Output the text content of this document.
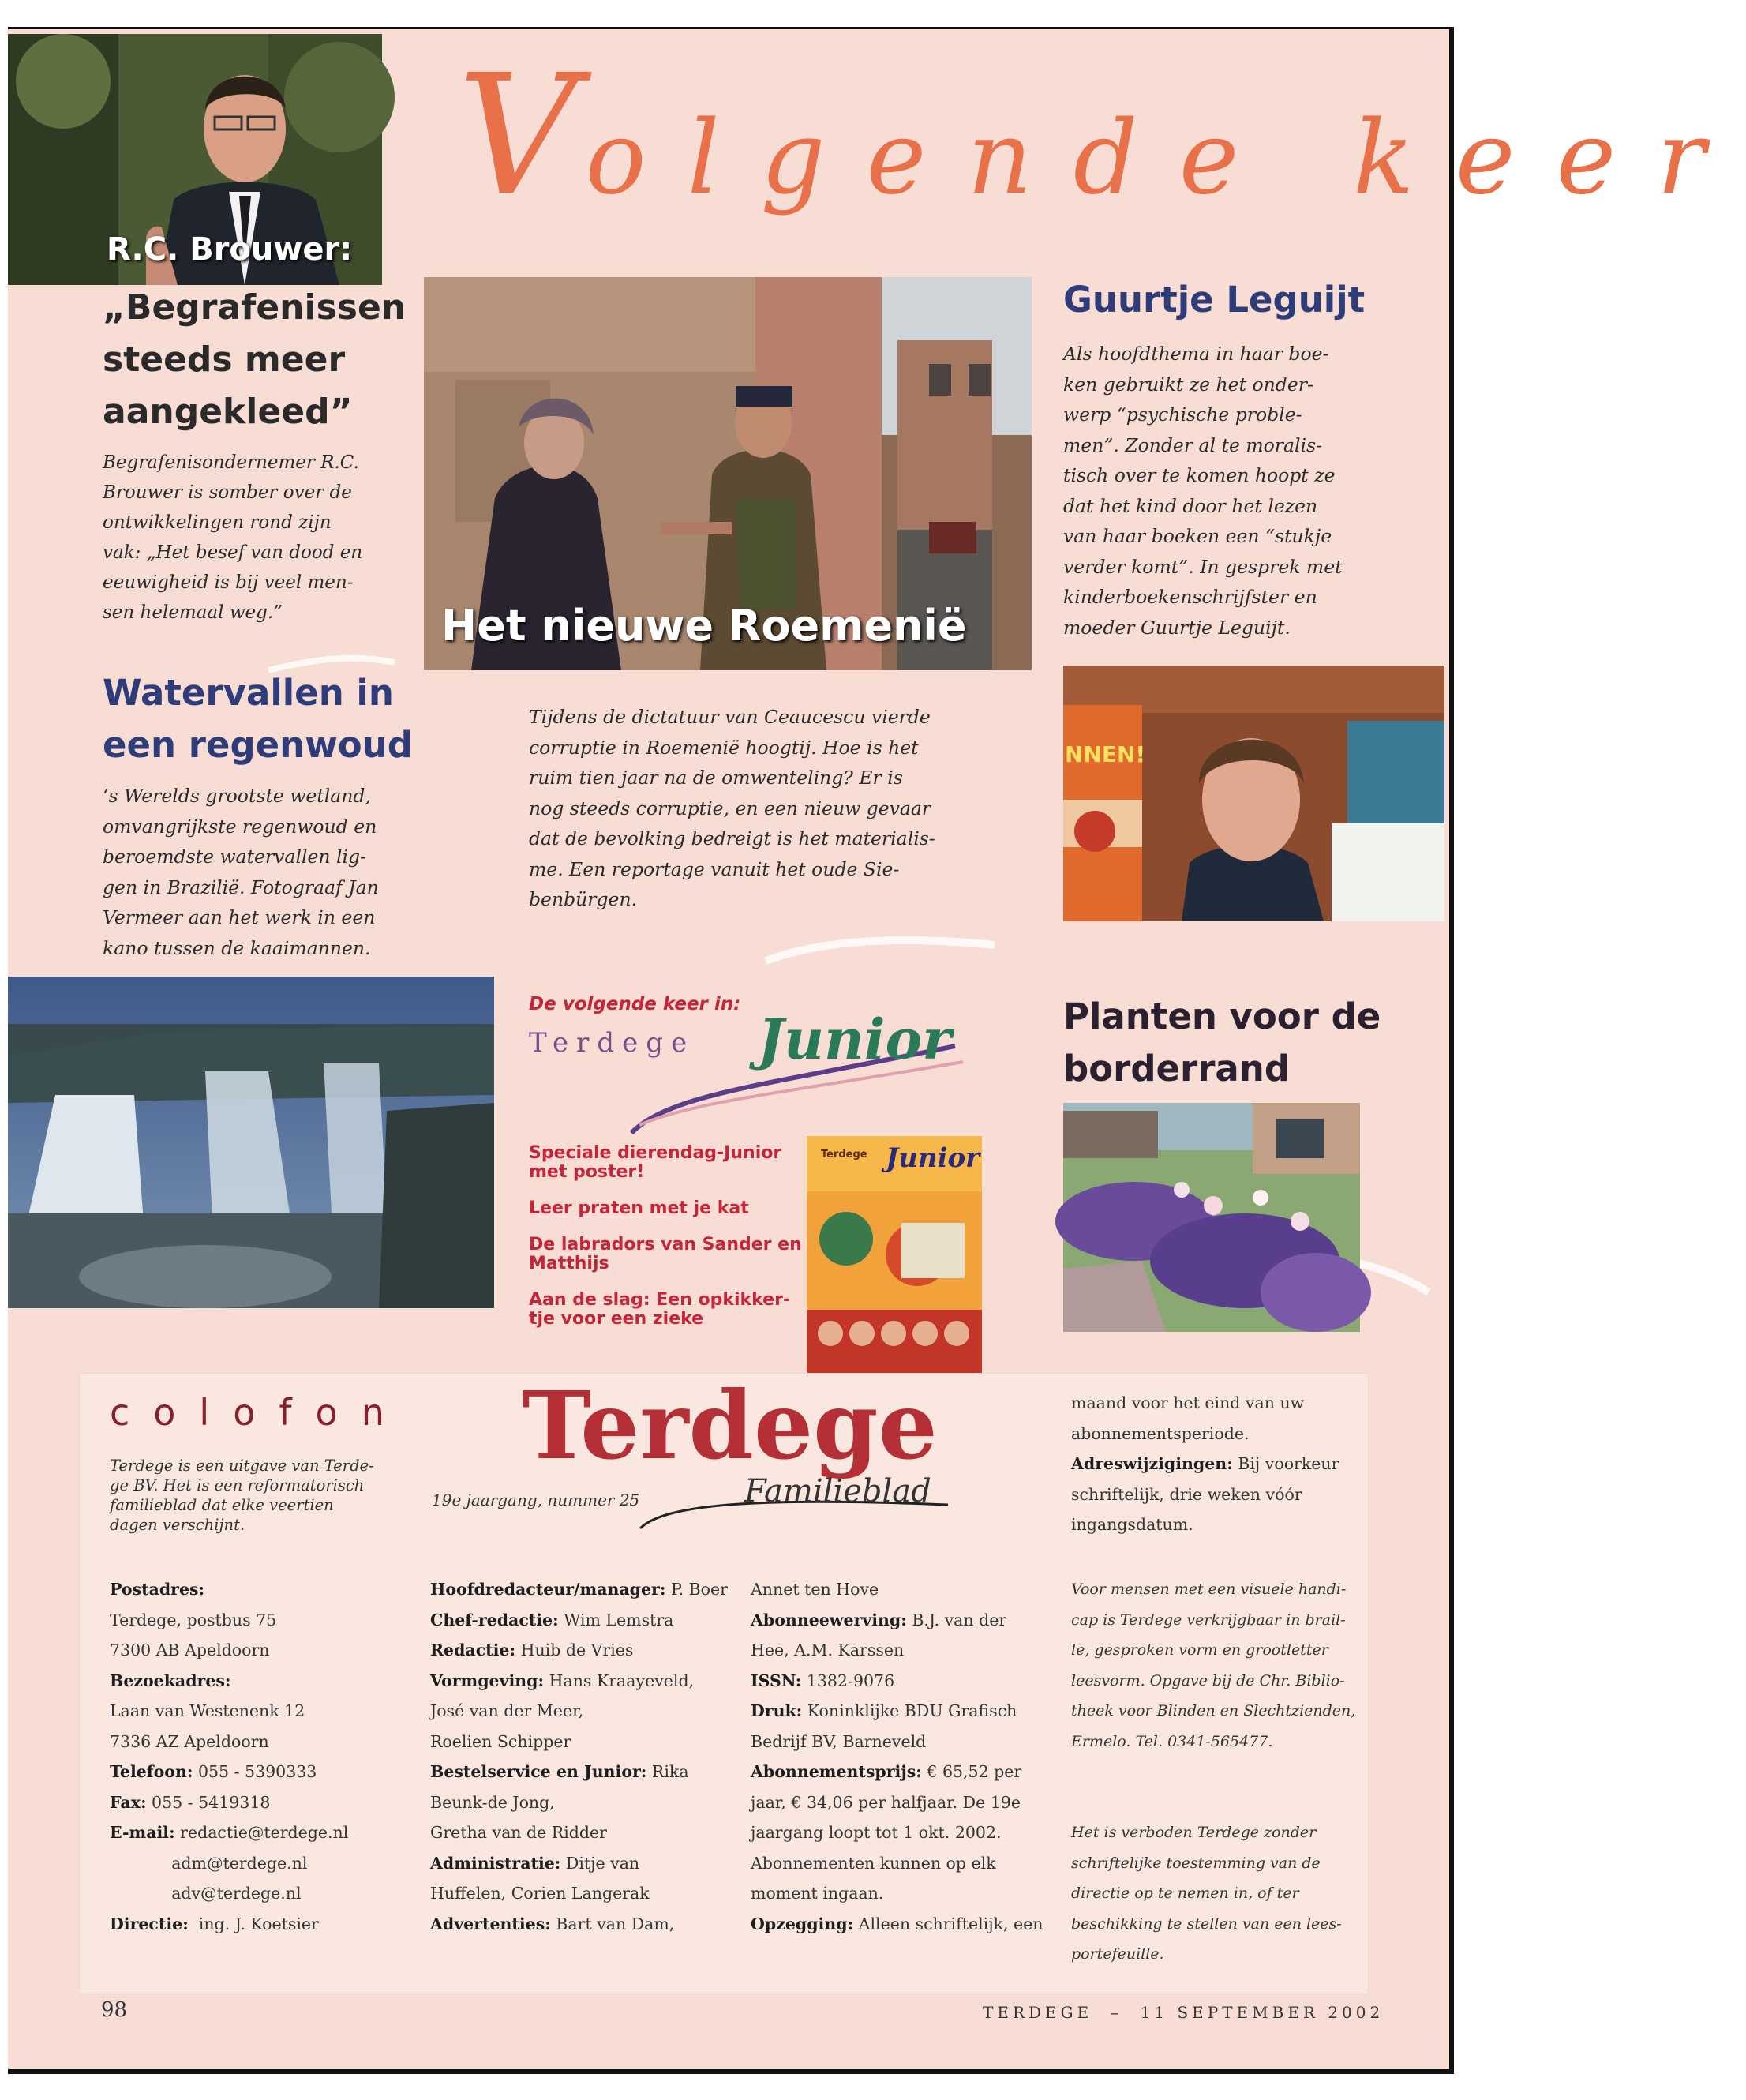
Volgende keer
R.C. Brouwer:
„Begrafenissen
steeds meer
aangekleed”
Begrafenisondernemer R.C.
Brouwer is somber over de
ontwikkelingen rond zijn
vak: „Het besef van dood en
eeuwigheid is bij veel men-
sen helemaal weg.”	Het nieuwe Roemenië
Tijdens de dictatuur van Ceaucescu vierde
corruptie in Roemenië hoogtij. Hoe is het
ruim tien jaar na de omwenteling? Er is
nog steeds corruptie, en een nieuw gevaar
dat de bevolking bedreigt is het materialis-
me. Een reportage vanuit het oude Sie-
benbürgen.
Guurtje Leguijt
Als hoofdthema in haar boe-
ken gebruikt ze het onder-
werp “psychische proble-
men”. Zonder al te moralis-
tisch over te komen hoopt ze
dat het kind door het lezen
van haar boeken een “stukje
verder komt”. In gesprek met
kinderboekenschrijfster en
moeder Guurtje Leguijt.
NNEN!
Watervallen in
een regenwoud
‘s Werelds grootste wetland,
omvangrijkste regenwoud en
beroemdste watervallen lig-
gen in Brazilië. Fotograaf Jan
Vermeer aan het werk in een
kano tussen de kaaimannen.
De volgende keer in:
Terdege Junior
Speciale dierendag-Junior
met poster!
Leer praten met je kat
De labradors van Sander en
Matthijs
Aan de slag: Een opkikker-
tje voor een zieke
Terdege Junior
Planten voor de
borderrand
colofon
Terdege is een uitgave van Terde-
ge BV. Het is een reformatorisch
familieblad dat elke veertien
dagen verschijnt.
Terdege
Familieblad
19e jaargang, nummer 25
Postadres:
Terdege, postbus 75
7300 AB Apeldoorn
Bezoekadres:
Laan van Westenenk 12
7336 AZ Apeldoorn
Telefoon: 055 - 5390333
Fax: 055 - 5419318
E-mail: redactie@terdege.nl
adm@terdege.nl
adv@terdege.nl
Directie:  ing. J. Koetsier
Hoofdredacteur/manager: P. Boer
Chef-redactie: Wim Lemstra
Redactie: Huib de Vries
Vormgeving: Hans Kraayeveld,
José van der Meer,
Roelien Schipper
Bestelservice en Junior: Rika
Beunk-de Jong,
Gretha van de Ridder
Administratie: Ditje van
Huffelen, Corien Langerak
Advertenties: Bart van Dam,
Annet ten Hove
Abonneewerving: B.J. van der
Hee, A.M. Karssen
ISSN: 1382-9076
Druk: Koninklijke BDU Grafisch
Bedrijf BV, Barneveld
Abonnementsprijs: € 65,52 per
jaar, € 34,06 per halfjaar. De 19e
jaargang loopt tot 1 okt. 2002.
Abonnementen kunnen op elk
moment ingaan.
Opzegging: Alleen schriftelijk, een
maand voor het eind van uw
abonnementsperiode.
Adreswijzigingen: Bij voorkeur
schriftelijk, drie weken vóór
ingangsdatum.
Voor mensen met een visuele handi-
cap is Terdege verkrijgbaar in brail-
le, gesproken vorm en grootletter
leesvorm. Opgave bij de Chr. Biblio-
theek voor Blinden en Slechtzienden,
Ermelo. Tel. 0341-565477.
Het is verboden Terdege zonder
schriftelijke toestemming van de
directie op te nemen in, of ter
beschikking te stellen van een lees-
portefeuille.
98	TERDEGE  –  11 SEPTEMBER 2002
